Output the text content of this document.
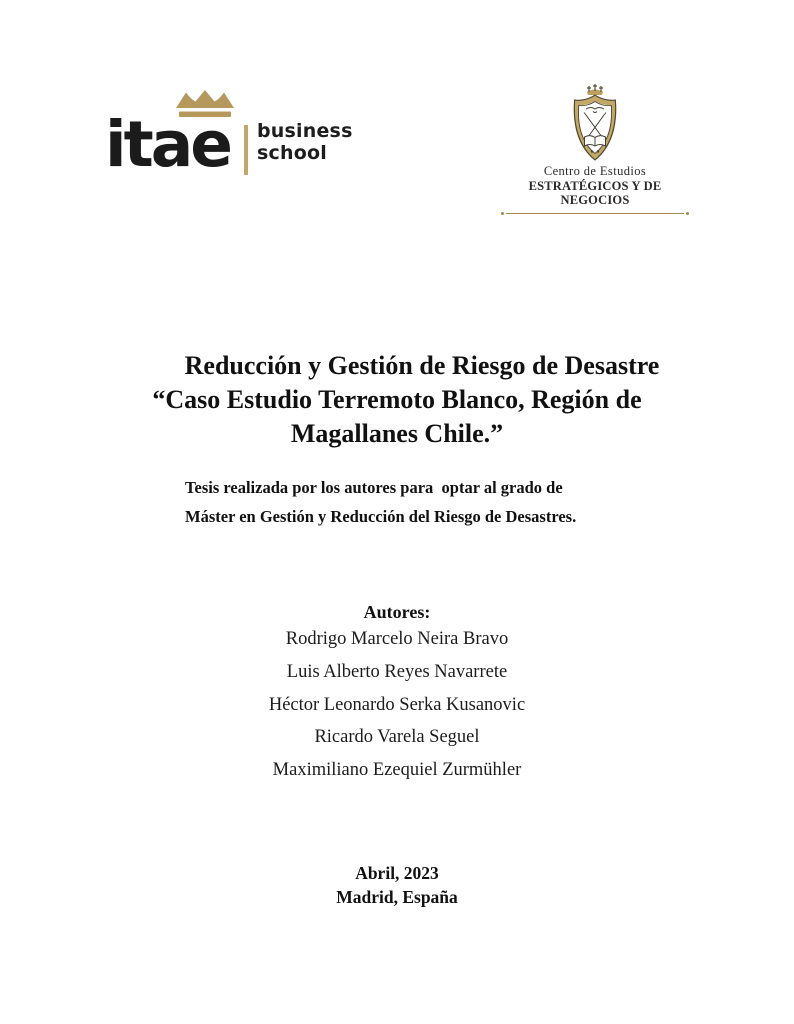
itae business
school
Centro de Estudios
ESTRATÉGICOS Y DE NEGOCIOS
Reducción y Gestión de Riesgo de Desastre
“Caso Estudio Terremoto Blanco, Región de
Magallanes Chile.”

Tesis realizada por los autores para  optar al grado de
Máster en Gestión y Reducción del Riesgo de Desastres.

Autores:
Rodrigo Marcelo Neira Bravo
Luis Alberto Reyes Navarrete
Héctor Leonardo Serka Kusanovic
Ricardo Varela Seguel
Maximiliano Ezequiel Zurmühler
Abril, 2023
Madrid, España
